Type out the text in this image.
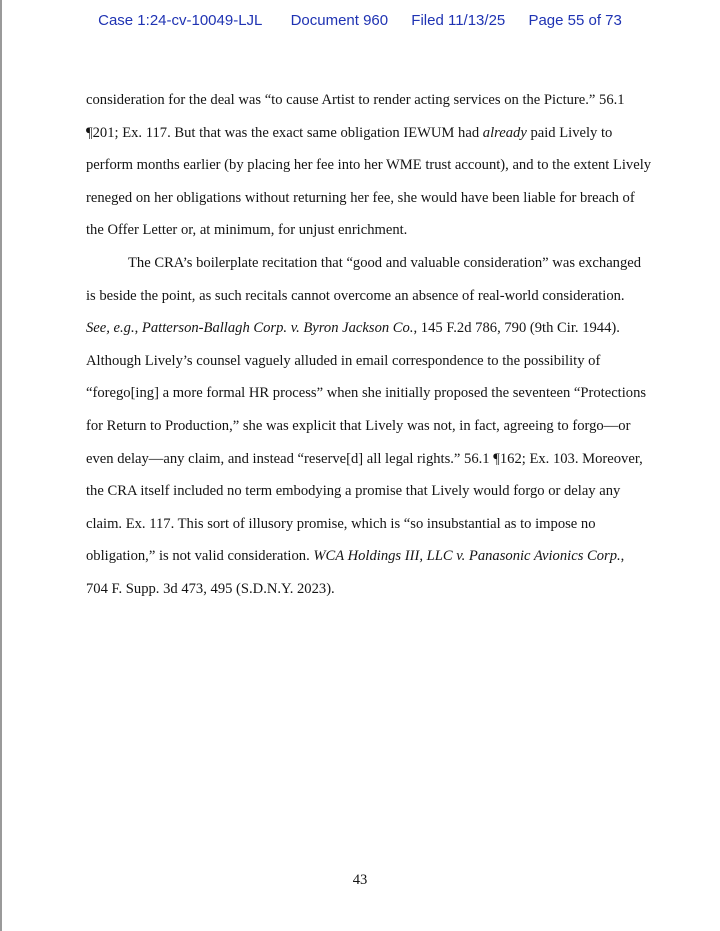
Case 1:24-cv-10049-LJL Document 960 Filed 11/13/25 Page 55 of 73
consideration for the deal was “to cause Artist to render acting services on the Picture.” 56.1
¶201; Ex. 117. But that was the exact same obligation IEWUM had already paid Lively to
perform months earlier (by placing her fee into her WME trust account), and to the extent Lively
reneged on her obligations without returning her fee, she would have been liable for breach of
the Offer Letter or, at minimum, for unjust enrichment.
The CRA’s boilerplate recitation that “good and valuable consideration” was exchanged
is beside the point, as such recitals cannot overcome an absence of real-world consideration.
See, e.g., Patterson-Ballagh Corp. v. Byron Jackson Co., 145 F.2d 786, 790 (9th Cir. 1944).
Although Lively’s counsel vaguely alluded in email correspondence to the possibility of
“forego[ing] a more formal HR process” when she initially proposed the seventeen “Protections
for Return to Production,” she was explicit that Lively was not, in fact, agreeing to forgo—or
even delay—any claim, and instead “reserve[d] all legal rights.” 56.1 ¶162; Ex. 103. Moreover,
the CRA itself included no term embodying a promise that Lively would forgo or delay any
claim. Ex. 117. This sort of illusory promise, which is “so insubstantial as to impose no
obligation,” is not valid consideration. WCA Holdings III, LLC v. Panasonic Avionics Corp.,
704 F. Supp. 3d 473, 495 (S.D.N.Y. 2023).
43
